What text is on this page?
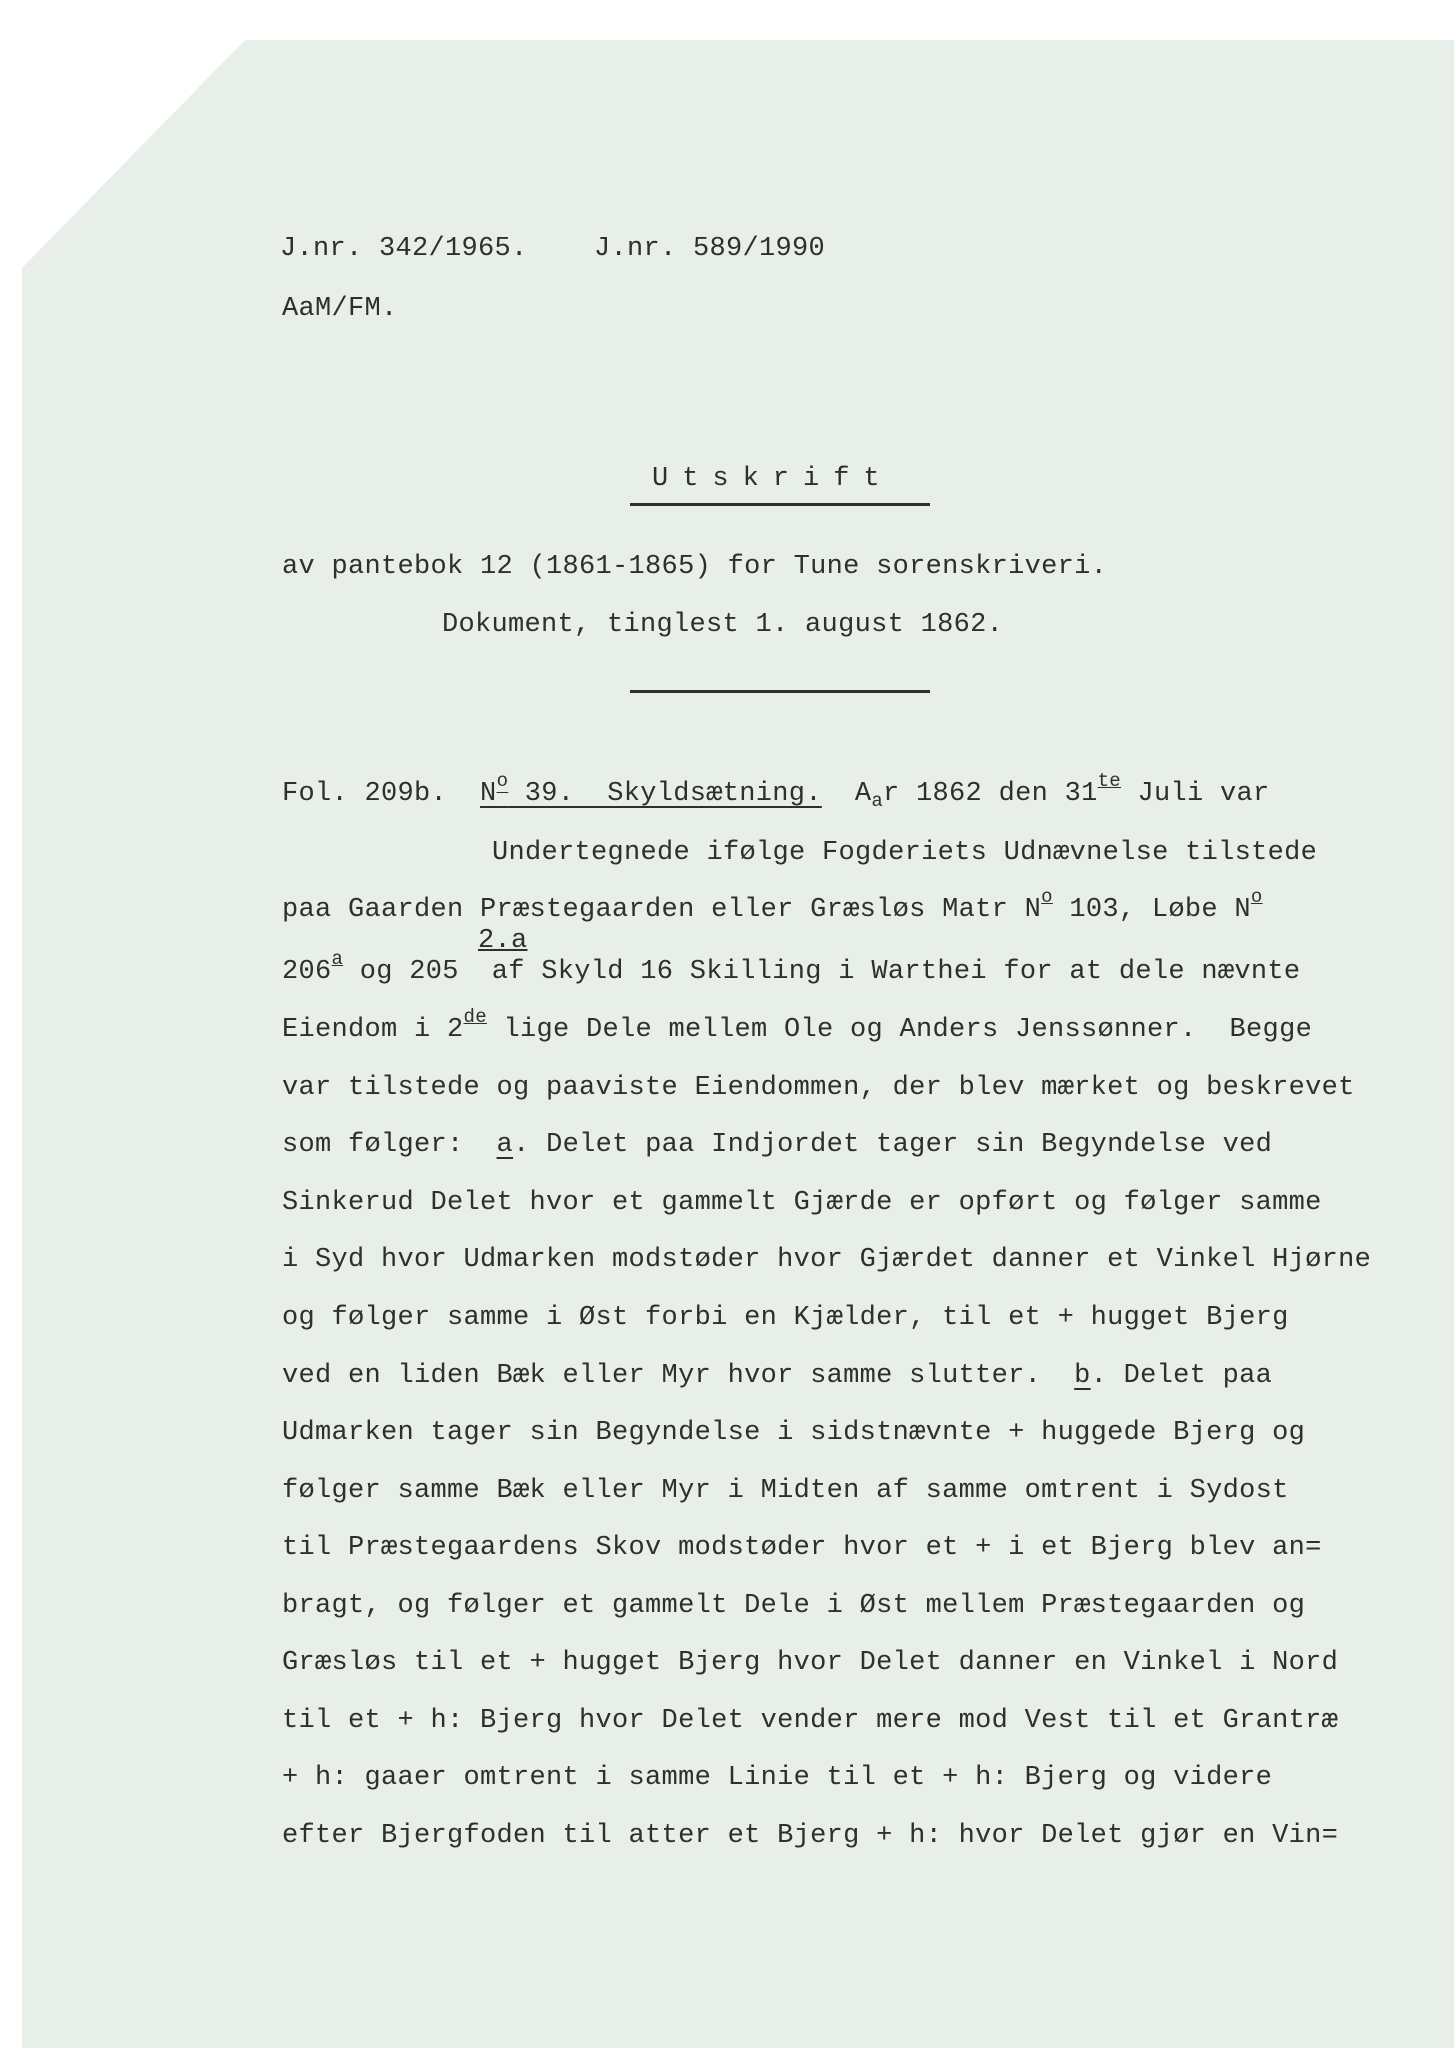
J.nr. 342/1965. J.nr. 589/1990
AaM/FM.
Utskrift
av pantebok 12 (1861-1865) for Tune sorenskriveri.
Dokument, tinglest 1. august 1862.
Fol. 209b.  $N^o$ 39.  Skyldsætning.  $A_ar$ 1862 den $31^{te}$ Juli var
Undertegnede ifølge Fogderiets Udnævnelse tilstede
paa Gaarden Præstegaarden eller Græsløs Matr $N^o$ 103, Løbe $N^o$
2.a
206$^a$ og 205  af Skyld 16 Skilling i Warthei for at dele nævnte
Eiendom i 2de lige Dele mellem Ole og Anders Jenssønner.  Begge
var tilstede og paaviste Eiendommen, der blev mærket og beskrevet
som følger:  a. Delet paa Indjordet tager sin Begyndelse ved
Sinkerud Delet hvor et gammelt Gjærde er opført og følger samme
i Syd hvor Udmarken modstøder hvor Gjærdet danner et Vinkel Hjørne
og følger samme i Øst forbi en Kjælder, til et + hugget Bjerg
ved en liden Bæk eller Myr hvor samme slutter.  b. Delet paa
Udmarken tager sin Begyndelse i sidstnævnte + huggede Bjerg og
følger samme Bæk eller Myr i Midten af samme omtrent i Sydost
til Præstegaardens Skov modstøder hvor et + i et Bjerg blev an=
bragt, og følger et gammelt Dele i Øst mellem Præstegaarden og
Græsløs til et + hugget Bjerg hvor Delet danner en Vinkel i Nord
til et + h: Bjerg hvor Delet vender mere mod Vest til et Grantræ
+ h: gaaer omtrent i samme Linie til et + h: Bjerg og videre
efter Bjergfoden til atter et Bjerg + h: hvor Delet gjør en Vin=
